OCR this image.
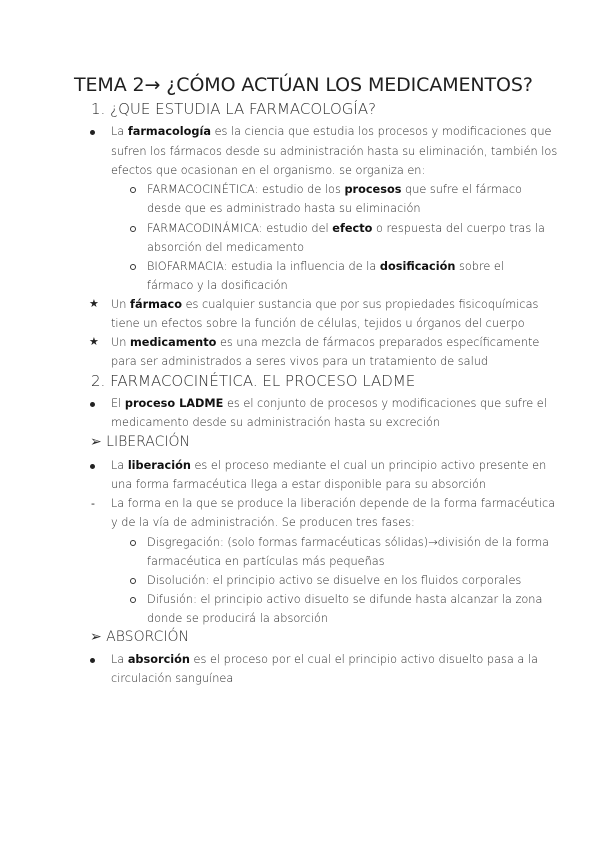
TEMA 2→ ¿CÓMO ACTÚAN LOS MEDICAMENTOS?
1. ¿QUE ESTUDIA LA FARMACOLOGÍA?
La farmacología es la ciencia que estudia los procesos y modificaciones que
sufren los fármacos desde su administración hasta su eliminación, también los
efectos que ocasionan en el organismo. se organiza en:
FARMACOCINÉTICA: estudio de los procesos que sufre el fármaco
desde que es administrado hasta su eliminación
FARMACODINÁMICA: estudio del efecto o respuesta del cuerpo tras la
absorción del medicamento
BIOFARMACIA: estudia la influencia de la dosificación sobre el
fármaco y la dosificación
★ Un fármaco es cualquier sustancia que por sus propiedades fisicoquímicas
tiene un efectos sobre la función de células, tejidos u órganos del cuerpo
★ Un medicamento es una mezcla de fármacos preparados específicamente
para ser administrados a seres vivos para un tratamiento de salud
2. FARMACOCINÉTICA. EL PROCESO LADME
El proceso LADME es el conjunto de procesos y modificaciones que sufre el
medicamento desde su administración hasta su excreción
➢ LIBERACIÓN
La liberación es el proceso mediante el cual un principio activo presente en
una forma farmacéutica llega a estar disponible para su absorción
- La forma en la que se produce la liberación depende de la forma farmacéutica
y de la vía de administración. Se producen tres fases:
Disgregación: (solo formas farmacéuticas sólidas)→división de la forma
farmacéutica en partículas más pequeñas
Disolución: el principio activo se disuelve en los fluidos corporales
Difusión: el principio activo disuelto se difunde hasta alcanzar la zona
donde se producirá la absorción
➢ ABSORCIÓN
La absorción es el proceso por el cual el principio activo disuelto pasa a la
circulación sanguínea
